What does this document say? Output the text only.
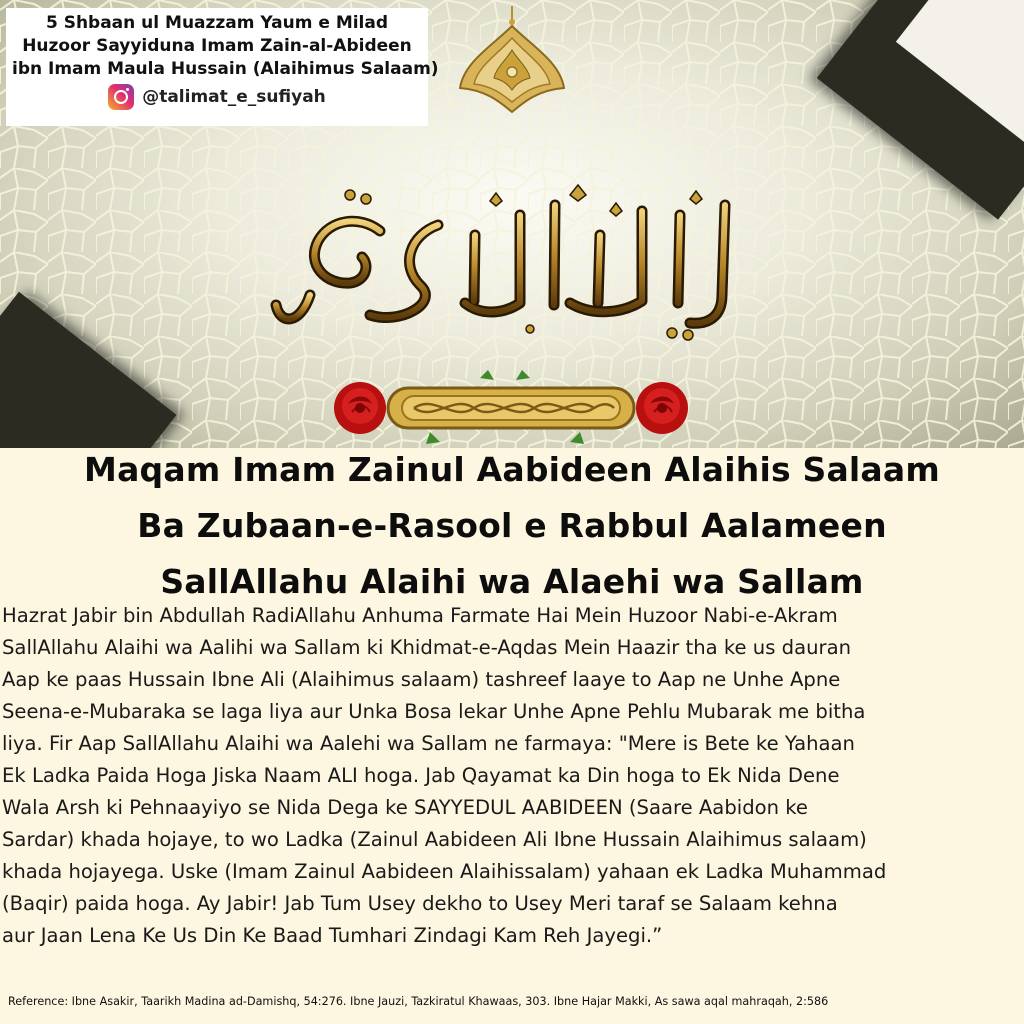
5 Shbaan ul Muazzam Yaum e Milad
Huzoor Sayyiduna Imam Zain-al-Abideen
ibn Imam Maula Hussain (Alaihimus Salaam)
@talimat_e_sufiyah
Maqam Imam Zainul Aabideen Alaihis Salaam
Ba Zubaan-e-Rasool e Rabbul Aalameen
SallAllahu Alaihi wa Alaehi wa Sallam
Hazrat Jabir bin Abdullah RadiAllahu Anhuma Farmate Hai Mein Huzoor Nabi-e-Akram
SallAllahu Alaihi wa Aalihi wa Sallam ki Khidmat-e-Aqdas Mein Haazir tha ke us dauran
Aap ke paas Hussain Ibne Ali (Alaihimus salaam) tashreef laaye to Aap ne Unhe Apne
Seena-e-Mubaraka se laga liya aur Unka Bosa lekar Unhe Apne Pehlu Mubarak me bitha
liya. Fir Aap SallAllahu Alaihi wa Aalehi wa Sallam ne farmaya: "Mere is Bete ke Yahaan
Ek Ladka Paida Hoga Jiska Naam ALI hoga. Jab Qayamat ka Din hoga to Ek Nida Dene
Wala Arsh ki Pehnaayiyo se Nida Dega ke SAYYEDUL AABIDEEN (Saare Aabidon ke
Sardar) khada hojaye, to wo Ladka (Zainul Aabideen Ali Ibne Hussain Alaihimus salaam)
khada hojayega. Uske (Imam Zainul Aabideen Alaihissalam) yahaan ek Ladka Muhammad
(Baqir) paida hoga. Ay Jabir! Jab Tum Usey dekho to Usey Meri taraf se Salaam kehna
aur Jaan Lena Ke Us Din Ke Baad Tumhari Zindagi Kam Reh Jayegi.”
Reference: Ibne Asakir, Taarikh Madina ad-Damishq, 54:276. Ibne Jauzi, Tazkiratul Khawaas, 303. Ibne Hajar Makki, As sawa aqal mahraqah, 2:586
